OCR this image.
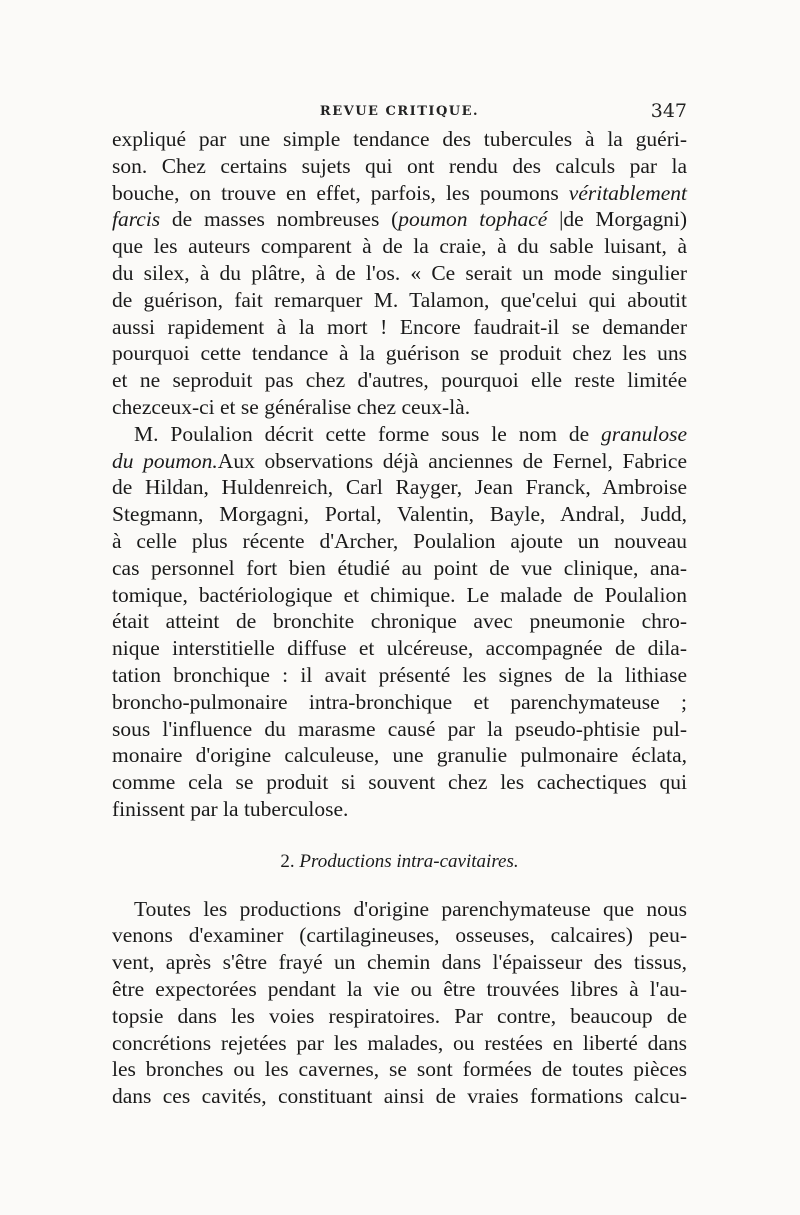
REVUE CRITIQUE.	347
expliqué par une simple tendance des tubercules à la guéri-
son. Chez certains sujets qui ont rendu des calculs par la
bouche, on trouve en effet, parfois, les poumons véritablement
farcis de masses nombreuses (poumon tophacé |de Morgagni)
que les auteurs comparent à de la craie, à du sable luisant, à
du silex, à du plâtre, à de l'os. « Ce serait un mode singulier
de guérison, fait remarquer M. Talamon, que'celui qui aboutit
aussi rapidement à la mort ! Encore faudrait-il se demander
pourquoi cette tendance à la guérison se produit chez les uns
et ne seproduit pas chez d'autres, pourquoi elle reste limitée
chezceux-ci et se généralise chez ceux-là.
M. Poulalion décrit cette forme sous le nom de granulose
du poumon.Aux observations déjà anciennes de Fernel, Fabrice
de Hildan, Huldenreich, Carl Rayger, Jean Franck, Ambroise
Stegmann, Morgagni, Portal, Valentin, Bayle, Andral, Judd,
à celle plus récente d'Archer, Poulalion ajoute un nouveau
cas personnel fort bien étudié au point de vue clinique, ana-
tomique, bactériologique et chimique. Le malade de Poulalion
était atteint de bronchite chronique avec pneumonie chro-
nique interstitielle diffuse et ulcéreuse, accompagnée de dila-
tation bronchique : il avait présenté les signes de la lithiase
broncho-pulmonaire intra-bronchique et parenchymateuse ;
sous l'influence du marasme causé par la pseudo-phtisie pul-
monaire d'origine calculeuse, une granulie pulmonaire éclata,
comme cela se produit si souvent chez les cachectiques qui
finissent par la tuberculose.
2. Productions intra-cavitaires.
Toutes les productions d'origine parenchymateuse que nous
venons d'examiner (cartilagineuses, osseuses, calcaires) peu-
vent, après s'être frayé un chemin dans l'épaisseur des tissus,
être expectorées pendant la vie ou être trouvées libres à l'au-
topsie dans les voies respiratoires. Par contre, beaucoup de
concrétions rejetées par les malades, ou restées en liberté dans
les bronches ou les cavernes, se sont formées de toutes pièces
dans ces cavités, constituant ainsi de vraies formations calcu-
